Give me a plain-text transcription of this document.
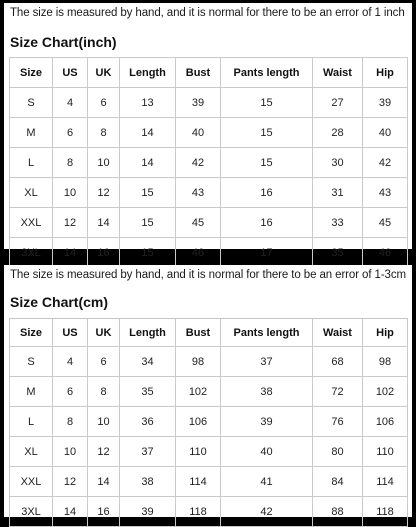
The size is measured by hand, and it is normal for there to be an error of 1 inch
Size Chart(inch)
Size	US	UK	Length	Bust	Pants length	Waist	Hip
S	4	6	13	39	15	27	39
M	6	8	14	40	15	28	40
L	8	10	14	42	15	30	42
XL	10	12	15	43	16	31	43
XXL	12	14	15	45	16	33	45
3XL	14	16	15	46	17	35	46
The size is measured by hand, and it is normal for there to be an error of 1-3cm
Size Chart(cm)
Size	US	UK	Length	Bust	Pants length	Waist	Hip
S	4	6	34	98	37	68	98
M	6	8	35	102	38	72	102
L	8	10	36	106	39	76	106
XL	10	12	37	110	40	80	110
XXL	12	14	38	114	41	84	114
3XL	14	16	39	118	42	88	118
